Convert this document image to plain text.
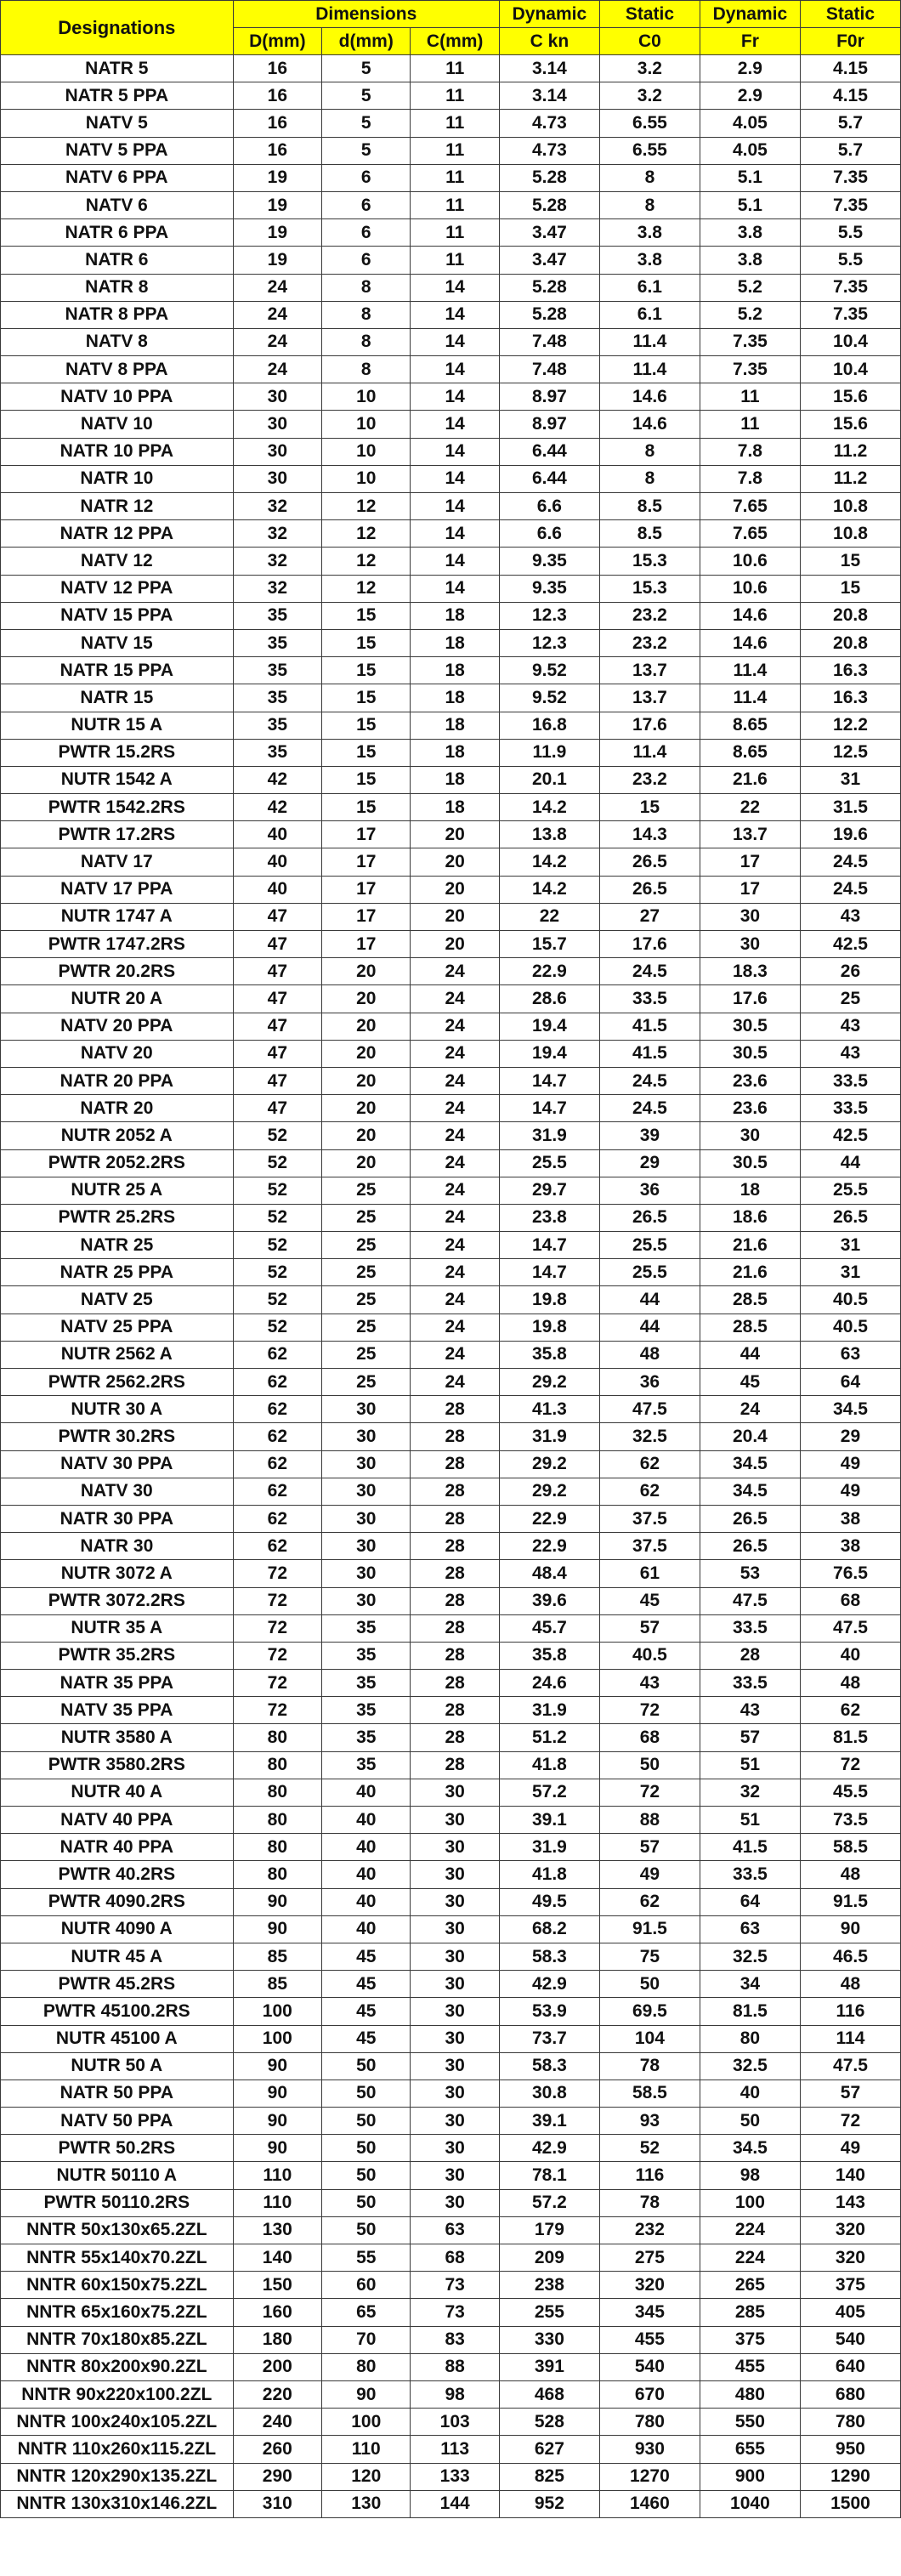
Designations	Dimensions			Dynamic	Static	Dynamic	Static
	D(mm)	d(mm)	C(mm)	C kn	C0	Fr	F0r
NATR 5	16	5	11	3.14	3.2	2.9	4.15
NATR 5 PPA	16	5	11	3.14	3.2	2.9	4.15
NATV 5	16	5	11	4.73	6.55	4.05	5.7
NATV 5 PPA	16	5	11	4.73	6.55	4.05	5.7
NATV 6 PPA	19	6	11	5.28	8	5.1	7.35
NATV 6	19	6	11	5.28	8	5.1	7.35
NATR 6 PPA	19	6	11	3.47	3.8	3.8	5.5
NATR 6	19	6	11	3.47	3.8	3.8	5.5
NATR 8	24	8	14	5.28	6.1	5.2	7.35
NATR 8 PPA	24	8	14	5.28	6.1	5.2	7.35
NATV 8	24	8	14	7.48	11.4	7.35	10.4
NATV 8 PPA	24	8	14	7.48	11.4	7.35	10.4
NATV 10 PPA	30	10	14	8.97	14.6	11	15.6
NATV 10	30	10	14	8.97	14.6	11	15.6
NATR 10 PPA	30	10	14	6.44	8	7.8	11.2
NATR 10	30	10	14	6.44	8	7.8	11.2
NATR 12	32	12	14	6.6	8.5	7.65	10.8
NATR 12 PPA	32	12	14	6.6	8.5	7.65	10.8
NATV 12	32	12	14	9.35	15.3	10.6	15
NATV 12 PPA	32	12	14	9.35	15.3	10.6	15
NATV 15 PPA	35	15	18	12.3	23.2	14.6	20.8
NATV 15	35	15	18	12.3	23.2	14.6	20.8
NATR 15 PPA	35	15	18	9.52	13.7	11.4	16.3
NATR 15	35	15	18	9.52	13.7	11.4	16.3
NUTR 15 A	35	15	18	16.8	17.6	8.65	12.2
PWTR 15.2RS	35	15	18	11.9	11.4	8.65	12.5
NUTR 1542 A	42	15	18	20.1	23.2	21.6	31
PWTR 1542.2RS	42	15	18	14.2	15	22	31.5
PWTR 17.2RS	40	17	20	13.8	14.3	13.7	19.6
NATV 17	40	17	20	14.2	26.5	17	24.5
NATV 17 PPA	40	17	20	14.2	26.5	17	24.5
NUTR 1747 A	47	17	20	22	27	30	43
PWTR 1747.2RS	47	17	20	15.7	17.6	30	42.5
PWTR 20.2RS	47	20	24	22.9	24.5	18.3	26
NUTR 20 A	47	20	24	28.6	33.5	17.6	25
NATV 20 PPA	47	20	24	19.4	41.5	30.5	43
NATV 20	47	20	24	19.4	41.5	30.5	43
NATR 20 PPA	47	20	24	14.7	24.5	23.6	33.5
NATR 20	47	20	24	14.7	24.5	23.6	33.5
NUTR 2052 A	52	20	24	31.9	39	30	42.5
PWTR 2052.2RS	52	20	24	25.5	29	30.5	44
NUTR 25 A	52	25	24	29.7	36	18	25.5
PWTR 25.2RS	52	25	24	23.8	26.5	18.6	26.5
NATR 25	52	25	24	14.7	25.5	21.6	31
NATR 25 PPA	52	25	24	14.7	25.5	21.6	31
NATV 25	52	25	24	19.8	44	28.5	40.5
NATV 25 PPA	52	25	24	19.8	44	28.5	40.5
NUTR 2562 A	62	25	24	35.8	48	44	63
PWTR 2562.2RS	62	25	24	29.2	36	45	64
NUTR 30 A	62	30	28	41.3	47.5	24	34.5
PWTR 30.2RS	62	30	28	31.9	32.5	20.4	29
NATV 30 PPA	62	30	28	29.2	62	34.5	49
NATV 30	62	30	28	29.2	62	34.5	49
NATR 30 PPA	62	30	28	22.9	37.5	26.5	38
NATR 30	62	30	28	22.9	37.5	26.5	38
NUTR 3072 A	72	30	28	48.4	61	53	76.5
PWTR 3072.2RS	72	30	28	39.6	45	47.5	68
NUTR 35 A	72	35	28	45.7	57	33.5	47.5
PWTR 35.2RS	72	35	28	35.8	40.5	28	40
NATR 35 PPA	72	35	28	24.6	43	33.5	48
NATV 35 PPA	72	35	28	31.9	72	43	62
NUTR 3580 A	80	35	28	51.2	68	57	81.5
PWTR 3580.2RS	80	35	28	41.8	50	51	72
NUTR 40 A	80	40	30	57.2	72	32	45.5
NATV 40 PPA	80	40	30	39.1	88	51	73.5
NATR 40 PPA	80	40	30	31.9	57	41.5	58.5
PWTR 40.2RS	80	40	30	41.8	49	33.5	48
PWTR 4090.2RS	90	40	30	49.5	62	64	91.5
NUTR 4090 A	90	40	30	68.2	91.5	63	90
NUTR 45 A	85	45	30	58.3	75	32.5	46.5
PWTR 45.2RS	85	45	30	42.9	50	34	48
PWTR 45100.2RS	100	45	30	53.9	69.5	81.5	116
NUTR 45100 A	100	45	30	73.7	104	80	114
NUTR 50 A	90	50	30	58.3	78	32.5	47.5
NATR 50 PPA	90	50	30	30.8	58.5	40	57
NATV 50 PPA	90	50	30	39.1	93	50	72
PWTR 50.2RS	90	50	30	42.9	52	34.5	49
NUTR 50110 A	110	50	30	78.1	116	98	140
PWTR 50110.2RS	110	50	30	57.2	78	100	143
NNTR 50x130x65.2ZL	130	50	63	179	232	224	320
NNTR 55x140x70.2ZL	140	55	68	209	275	224	320
NNTR 60x150x75.2ZL	150	60	73	238	320	265	375
NNTR 65x160x75.2ZL	160	65	73	255	345	285	405
NNTR 70x180x85.2ZL	180	70	83	330	455	375	540
NNTR 80x200x90.2ZL	200	80	88	391	540	455	640
NNTR 90x220x100.2ZL	220	90	98	468	670	480	680
NNTR 100x240x105.2ZL	240	100	103	528	780	550	780
NNTR 110x260x115.2ZL	260	110	113	627	930	655	950
NNTR 120x290x135.2ZL	290	120	133	825	1270	900	1290
NNTR 130x310x146.2ZL	310	130	144	952	1460	1040	1500
